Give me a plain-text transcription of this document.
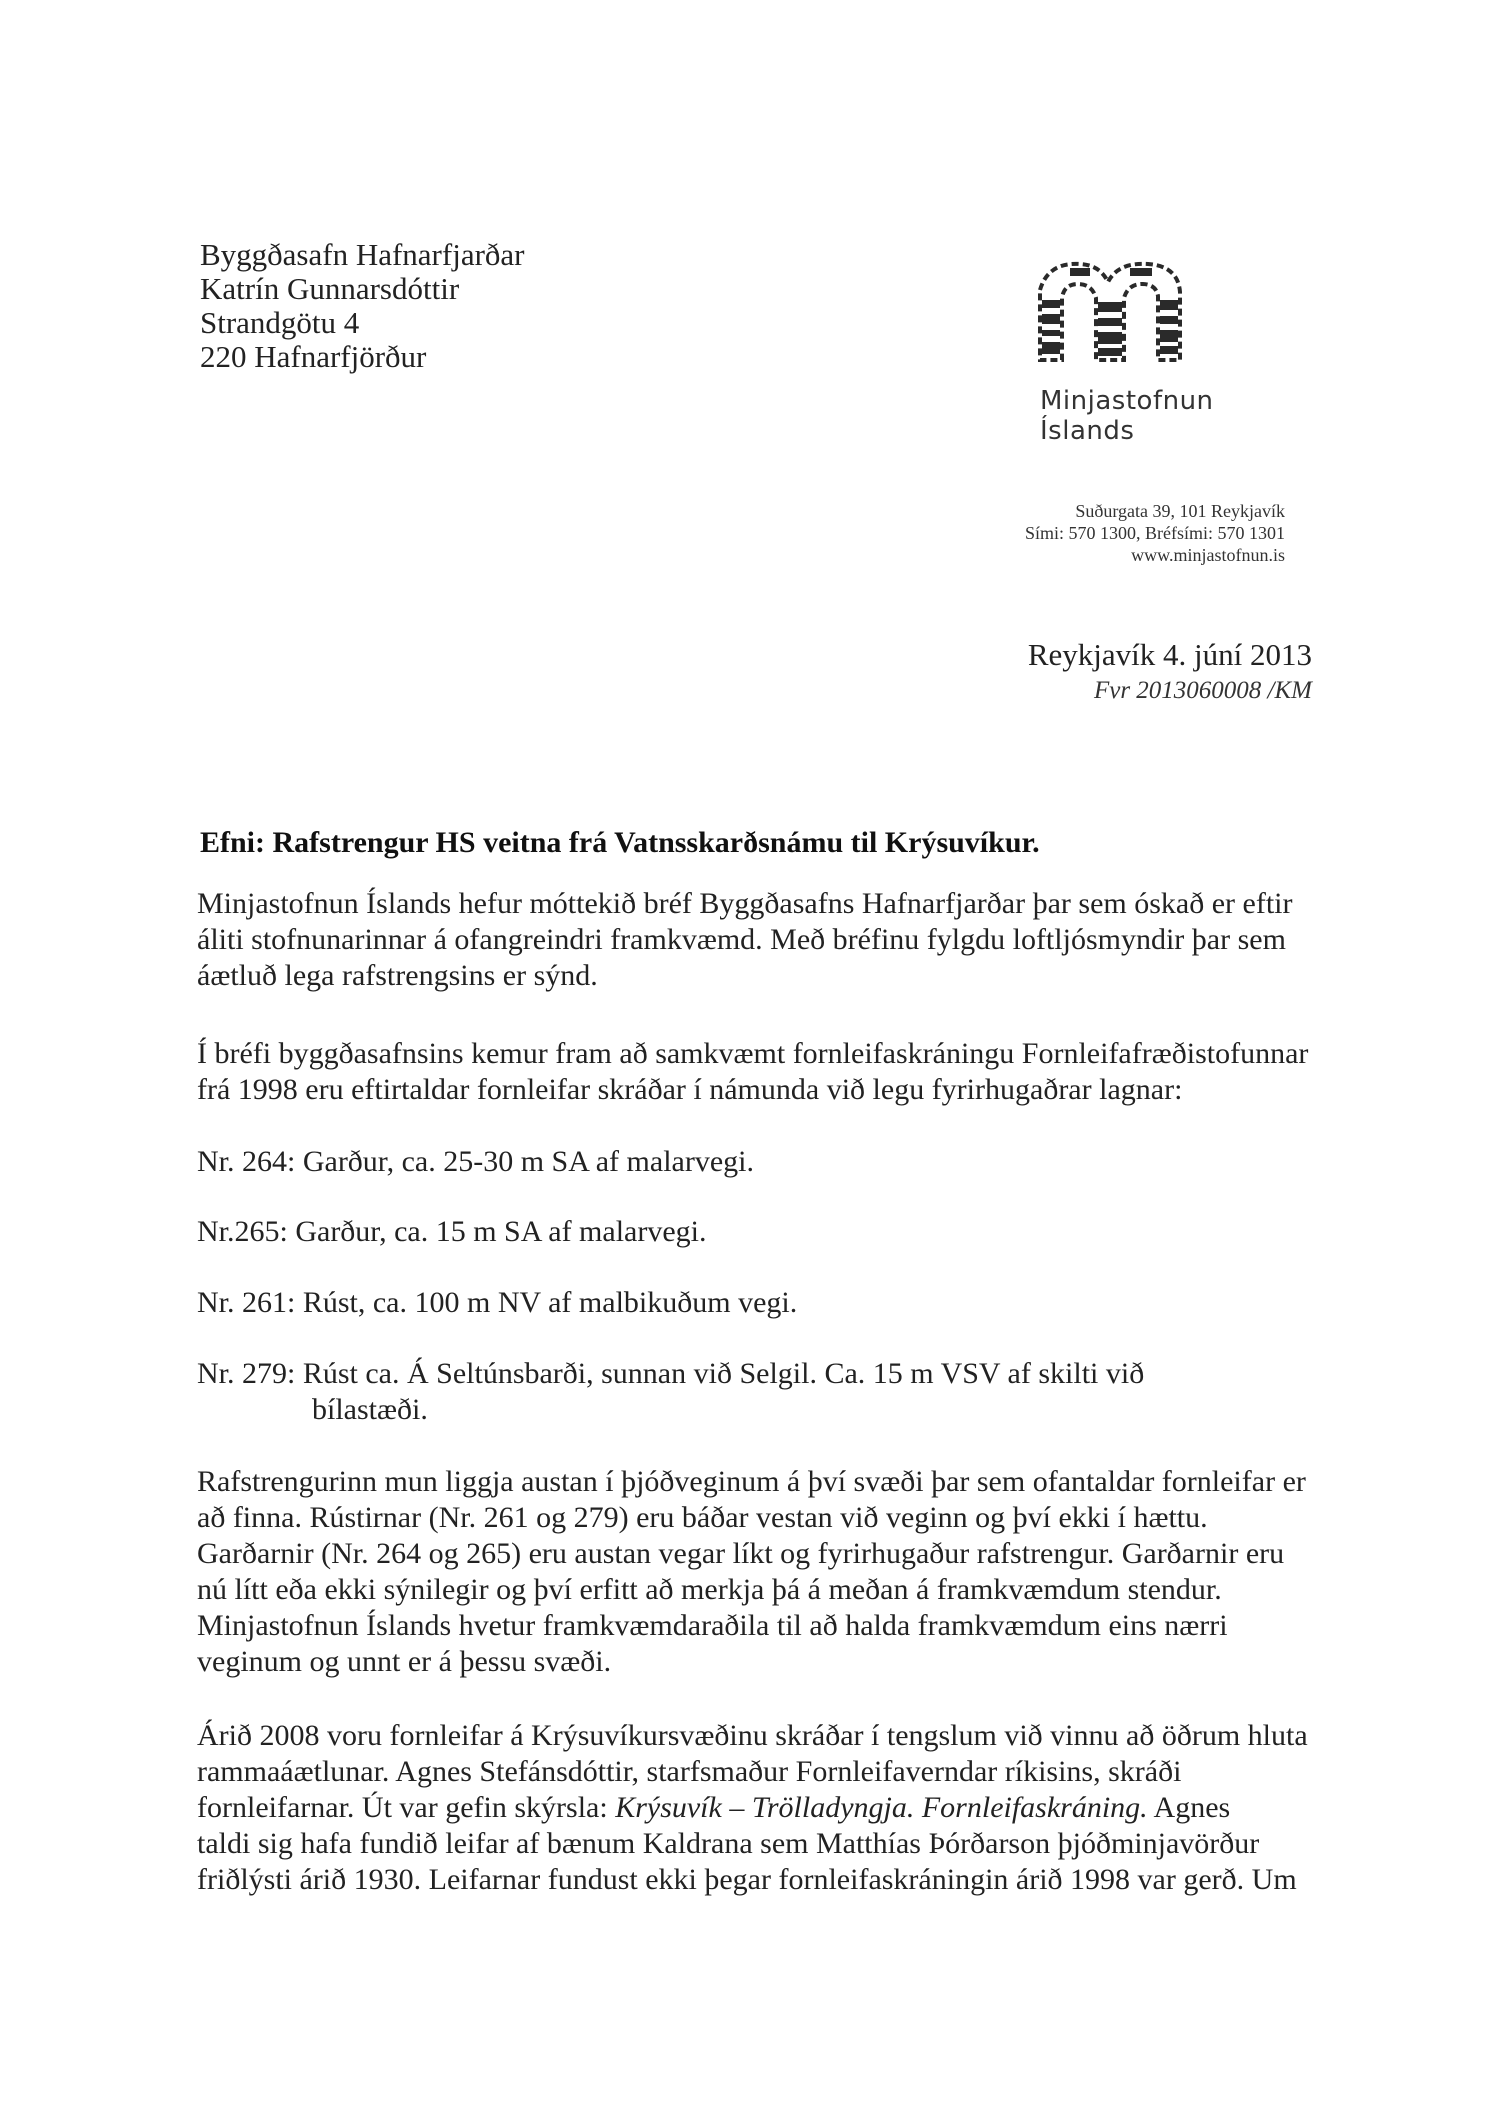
Byggðasafn Hafnarfjarðar
Katrín Gunnarsdóttir
Strandgötu 4
220 Hafnarfjörður
Minjastofnun
Íslands
Suðurgata 39, 101 Reykjavík
Sími: 570 1300, Bréfsími: 570 1301
www.minjastofnun.is
Reykjavík 4. júní 2013
Fvr 2013060008 /KM
Efni: Rafstrengur HS veitna frá Vatnsskarðsnámu til Krýsuvíkur.
Minjastofnun Íslands hefur móttekið bréf Byggðasafns Hafnarfjarðar þar sem óskað er eftir
áliti stofnunarinnar á ofangreindri framkvæmd. Með bréfinu fylgdu loftljósmyndir þar sem
áætluð lega rafstrengsins er sýnd.
Í bréfi byggðasafnsins kemur fram að samkvæmt fornleifaskráningu Fornleifafræðistofunnar
frá 1998 eru eftirtaldar fornleifar skráðar í námunda við legu fyrirhugaðrar lagnar:
Nr. 264: Garður, ca. 25-30 m SA af malarvegi.
Nr.265: Garður, ca. 15 m SA af malarvegi.
Nr. 261: Rúst, ca. 100 m NV af malbikuðum vegi.
Nr. 279: Rúst ca. Á Seltúnsbarði, sunnan við Selgil. Ca. 15 m VSV af skilti við
bílastæði.
Rafstrengurinn mun liggja austan í þjóðveginum á því svæði þar sem ofantaldar fornleifar er
að finna. Rústirnar (Nr. 261 og 279) eru báðar vestan við veginn og því ekki í hættu.
Garðarnir (Nr. 264 og 265) eru austan vegar líkt og fyrirhugaður rafstrengur. Garðarnir eru
nú lítt eða ekki sýnilegir og því erfitt að merkja þá á meðan á framkvæmdum stendur.
Minjastofnun Íslands hvetur framkvæmdaraðila til að halda framkvæmdum eins nærri
veginum og unnt er á þessu svæði.
Árið 2008 voru fornleifar á Krýsuvíkursvæðinu skráðar í tengslum við vinnu að öðrum hluta
rammaáætlunar. Agnes Stefánsdóttir, starfsmaður Fornleifaverndar ríkisins, skráði
fornleifarnar. Út var gefin skýrsla: Krýsuvík – Trölladyngja. Fornleifaskráning. Agnes
taldi sig hafa fundið leifar af bænum Kaldrana sem Matthías Þórðarson þjóðminjavörður
friðlýsti árið 1930. Leifarnar fundust ekki þegar fornleifaskráningin árið 1998 var gerð. Um
